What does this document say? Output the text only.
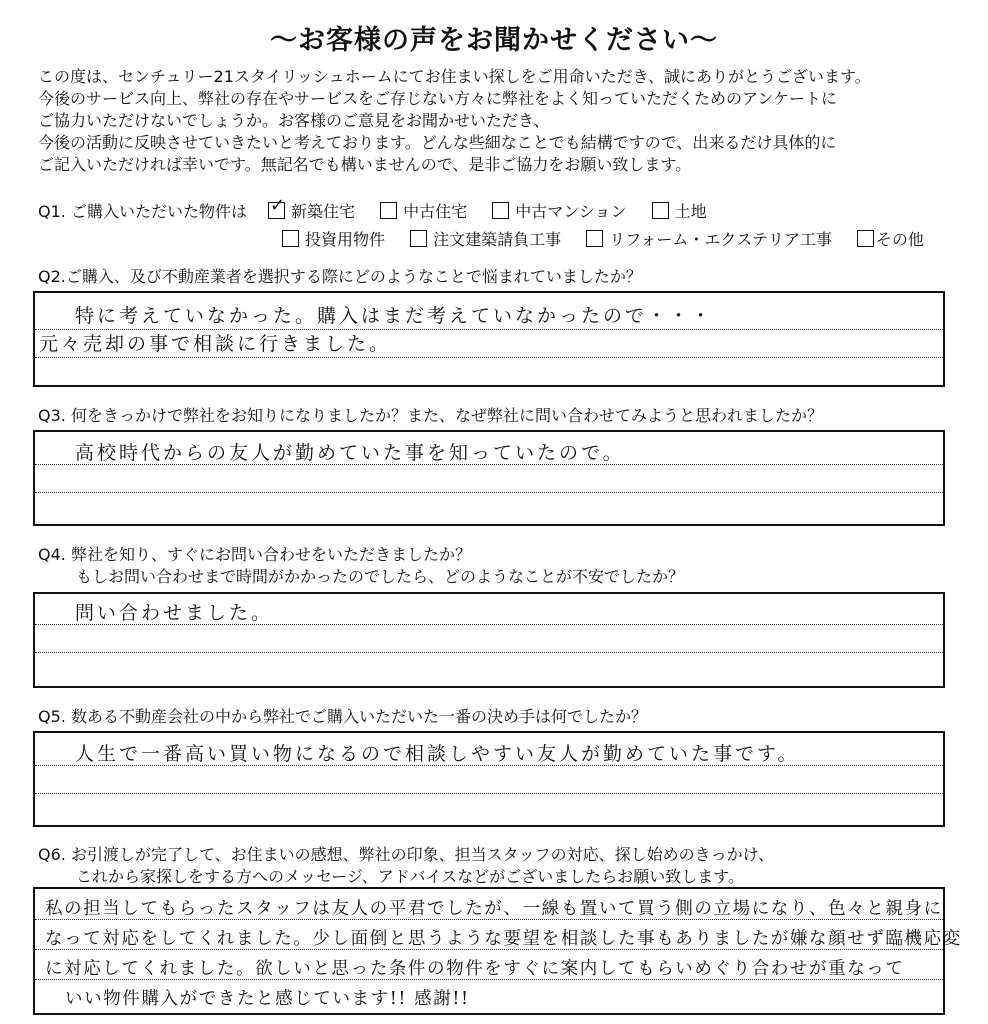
〜お客様の声をお聞かせください〜
この度は、センチュリー21スタイリッシュホームにてお住まい探しをご用命いただき、誠にありがとうございます。
今後のサービス向上、弊社の存在やサービスをご存じない方々に弊社をよく知っていただくためのアンケートに
ご協力いただけないでしょうか。お客様のご意見をお聞かせいただき、
今後の活動に反映させていきたいと考えております。どんな些細なことでも結構ですので、出来るだけ具体的に
ご記入いただければ幸いです。無記名でも構いませんので、是非ご協力をお願い致します。
Q1. ご購入いただいた物件は ✓ 新築住宅	中古住宅	中古マンション	土地
投資用物件	注文建築請負工事	リフォーム・エクステリア工事	その他
Q2.ご購入、及び不動産業者を選択する際にどのようなことで悩まれていましたか？
特に考えていなかった。購入はまだ考えていなかったので・・・
元々売却の事で相談に行きました。
Q3. 何をきっかけで弊社をお知りになりましたか？また、なぜ弊社に問い合わせてみようと思われましたか？
高校時代からの友人が勤めていた事を知っていたので。
Q4. 弊社を知り、すぐにお問い合わせをいただきましたか？
もしお問い合わせまで時間がかかったのでしたら、どのようなことが不安でしたか？
問い合わせました。
Q5. 数ある不動産会社の中から弊社でご購入いただいた一番の決め手は何でしたか？
人生で一番高い買い物になるので相談しやすい友人が勤めていた事です。
Q6. お引渡しが完了して、お住まいの感想、弊社の印象、担当スタッフの対応、探し始めのきっかけ、
これから家探しをする方へのメッセージ、アドバイスなどがございましたらお願い致します。
私の担当してもらったスタッフは友人の平君でしたが、一線も置いて買う側の立場になり、色々と親身に
なって対応をしてくれました。少し面倒と思うような要望を相談した事もありましたが嫌な顔せず臨機応変
に対応してくれました。欲しいと思った条件の物件をすぐに案内してもらいめぐり合わせが重なって
いい物件購入ができたと感じています!! 感謝!!
